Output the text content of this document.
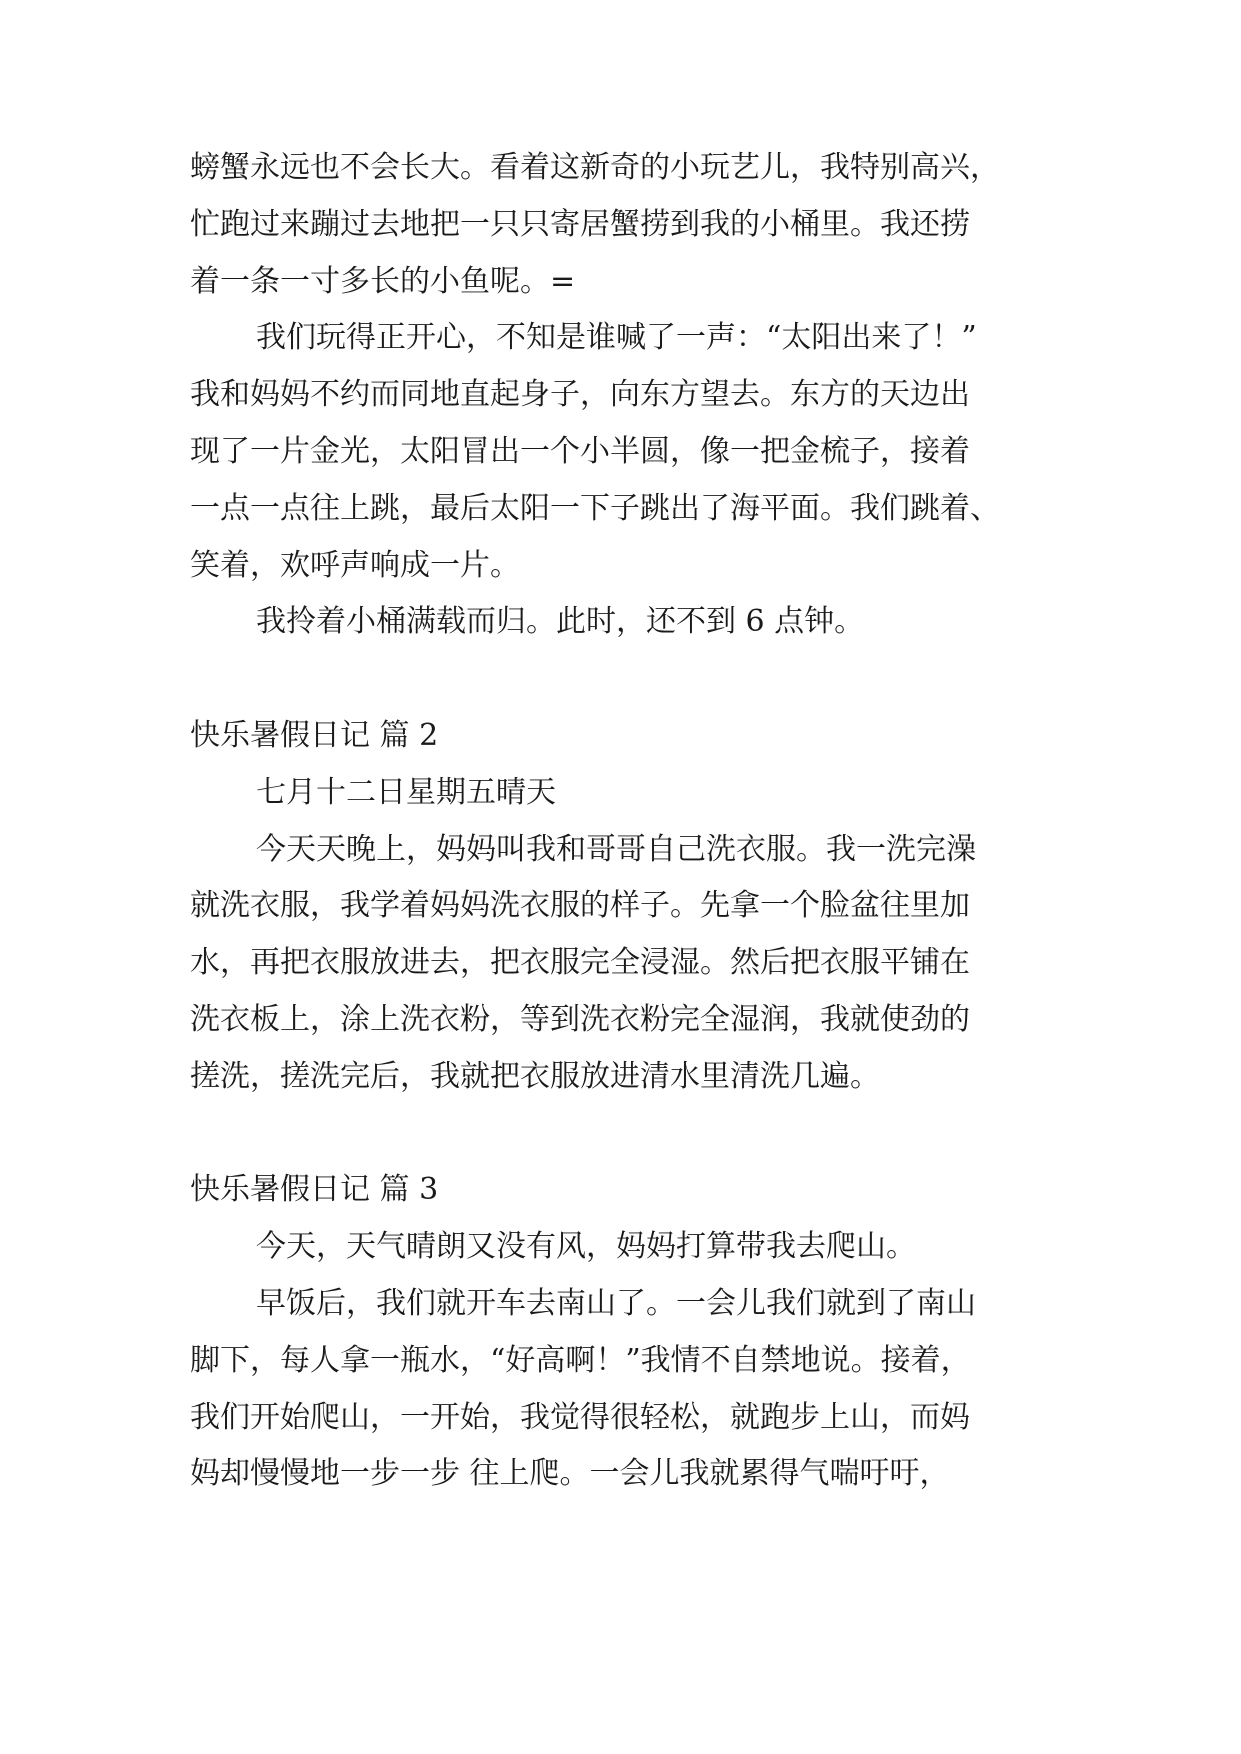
螃蟹永远也不会长大。看着这新奇的小玩艺儿，我特别高兴，
忙跑过来蹦过去地把一只只寄居蟹捞到我的小桶里。我还捞
着一条一寸多长的小鱼呢。=
我们玩得正开心，不知是谁喊了一声：“太阳出来了！”
我和妈妈不约而同地直起身子，向东方望去。东方的天边出
现了一片金光，太阳冒出一个小半圆，像一把金梳子，接着
一点一点往上跳，最后太阳一下子跳出了海平面。我们跳着、
笑着，欢呼声响成一片。
我拎着小桶满载而归。此时，还不到 6 点钟。
快乐暑假日记 篇 2
七月十二日星期五晴天
今天天晚上，妈妈叫我和哥哥自己洗衣服。我一洗完澡
就洗衣服，我学着妈妈洗衣服的样子。先拿一个脸盆往里加
水，再把衣服放进去，把衣服完全浸湿。然后把衣服平铺在
洗衣板上，涂上洗衣粉，等到洗衣粉完全湿润，我就使劲的
搓洗，搓洗完后，我就把衣服放进清水里清洗几遍。
快乐暑假日记 篇 3
今天，天气晴朗又没有风，妈妈打算带我去爬山。
早饭后，我们就开车去南山了。一会儿我们就到了南山
脚下，每人拿一瓶水，“好高啊！”我情不自禁地说。接着，
我们开始爬山，一开始，我觉得很轻松，就跑步上山，而妈
妈却慢慢地一步一步 往上爬。一会儿我就累得气喘吁吁，
